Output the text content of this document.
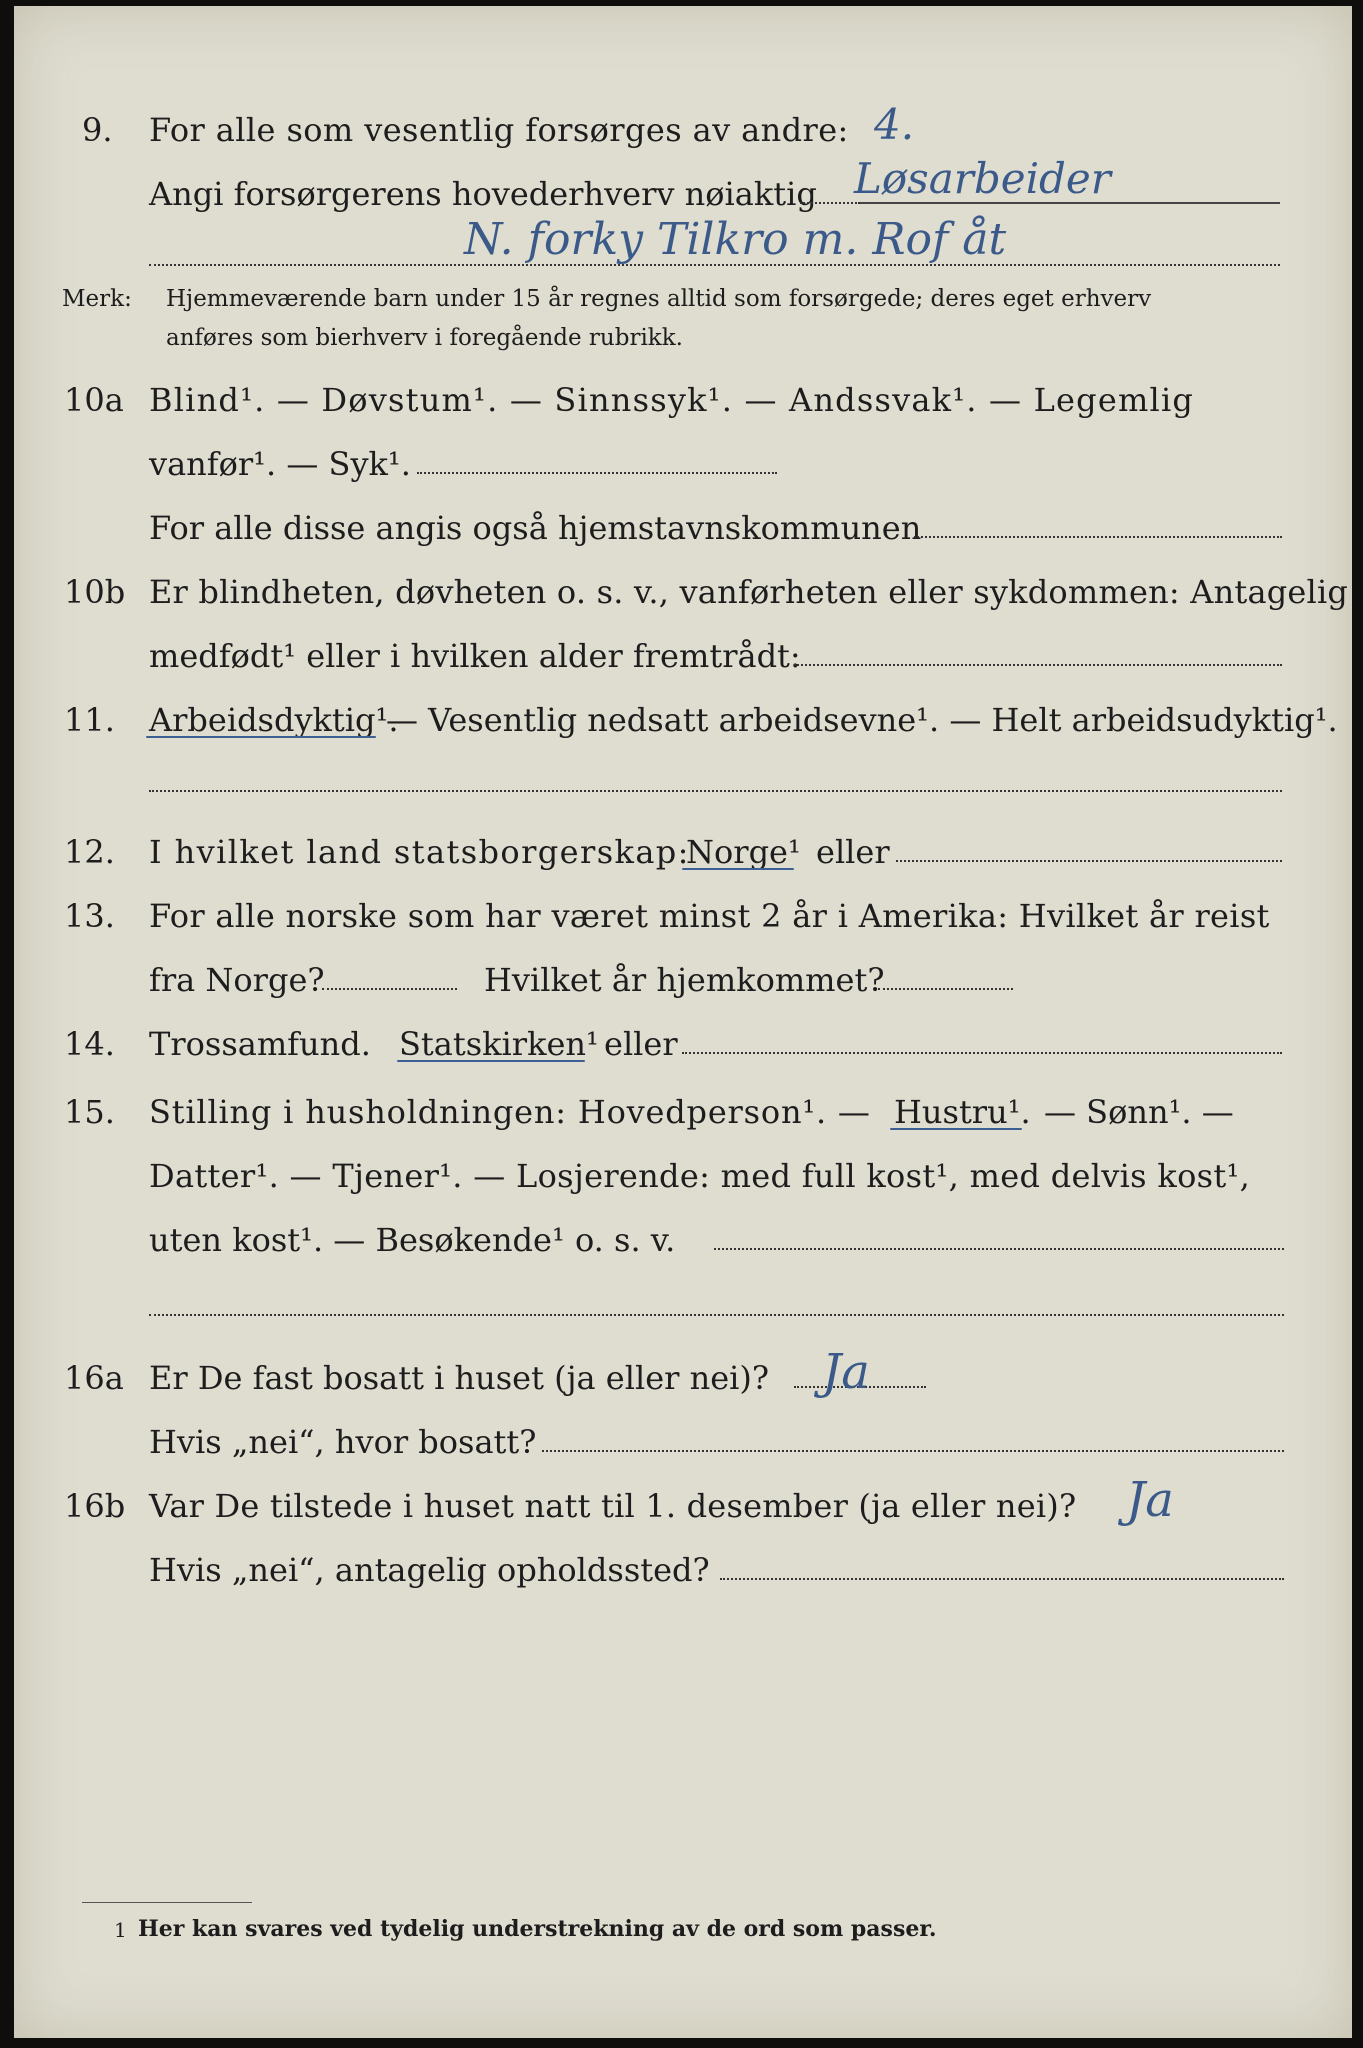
9. For alle som vesentlig forsørges av andre: 4.
Angi forsørgerens hovederhverv nøiaktig Løsarbeider
N. forky Tilkro m. Rof åt
Merk: Hjemmeværende barn under 15 år regnes alltid som forsørgede; deres eget erhverv
anføres som bierhverv i foregående rubrikk.
10a Blind¹. — Døvstum¹. — Sinnssyk¹. — Andssvak¹. — Legemlig
vanfør¹. — Syk¹.
For alle disse angis også hjemstavnskommunen
10b Er blindheten, døvheten o. s. v., vanførheten eller sykdommen: Antagelig
medfødt¹ eller i hvilken alder fremtrådt:
11. Arbeidsdyktig¹.
— Vesentlig nedsatt arbeidsevne¹. — Helt arbeidsudyktig¹.
12. I hvilket land statsborgerskap:
Norge¹ eller
13. For alle norske som har været minst 2 år i Amerika: Hvilket år reist
fra Norge?	Hvilket år hjemkommet?
14. Trossamfund. Statskirken¹ eller
15. Stilling i husholdningen: Hovedperson¹. — Hustru¹. — Sønn¹. —
Datter¹. — Tjener¹. — Losjerende: med full kost¹, med delvis kost¹,
uten kost¹. — Besøkende¹ o. s. v.
16a Er De fast bosatt i huset (ja eller nei)? Ja
Hvis „nei“, hvor bosatt?
16b Var De tilstede i huset natt til 1. desember (ja eller nei)? Ja
Hvis „nei“, antagelig opholdssted?
1 Her kan svares ved tydelig understrekning av de ord som passer.
